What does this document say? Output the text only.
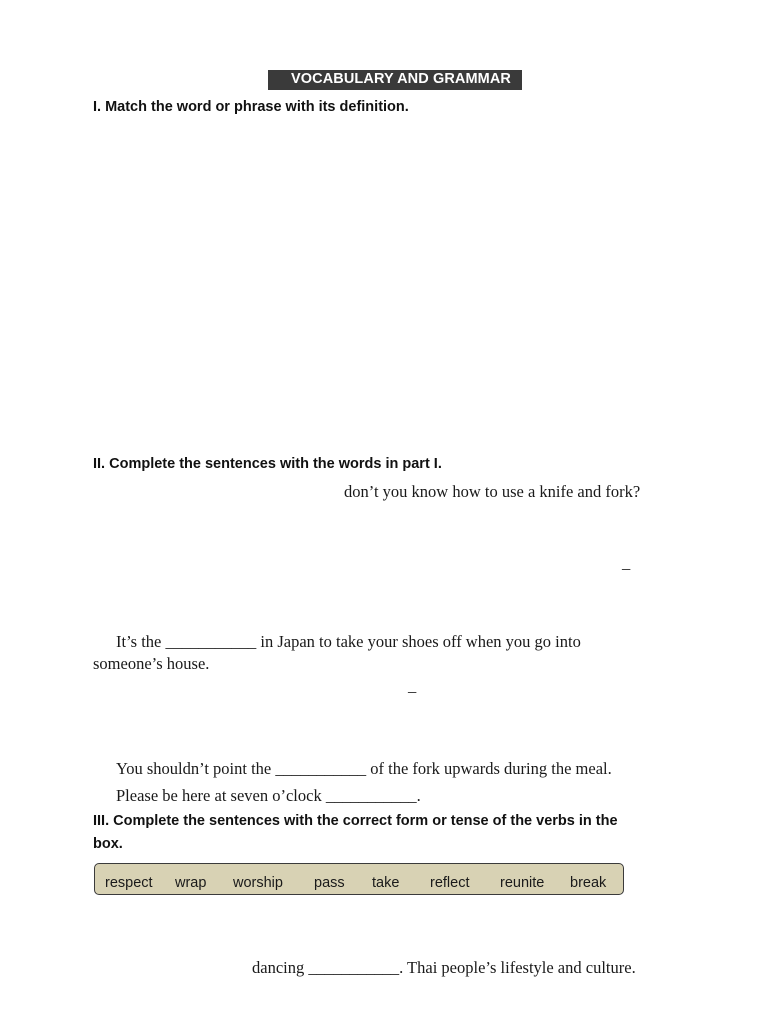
VOCABULARY AND GRAMMAR
I. Match the word or phrase with its definition.
II. Complete the sentences with the words in part I.
don’t you know how to use a knife and fork?
_
It’s the ___________ in Japan to take your shoes off when you go into
someone’s house.
_
You shouldn’t point the ___________ of the fork upwards during the meal.
Please be here at seven o’clock ___________.
III. Complete the sentences with the correct form or tense of the verbs in the
box.
respect wrap worship pass take reflect reunite break
dancing ___________. Thai people’s lifestyle and culture.
